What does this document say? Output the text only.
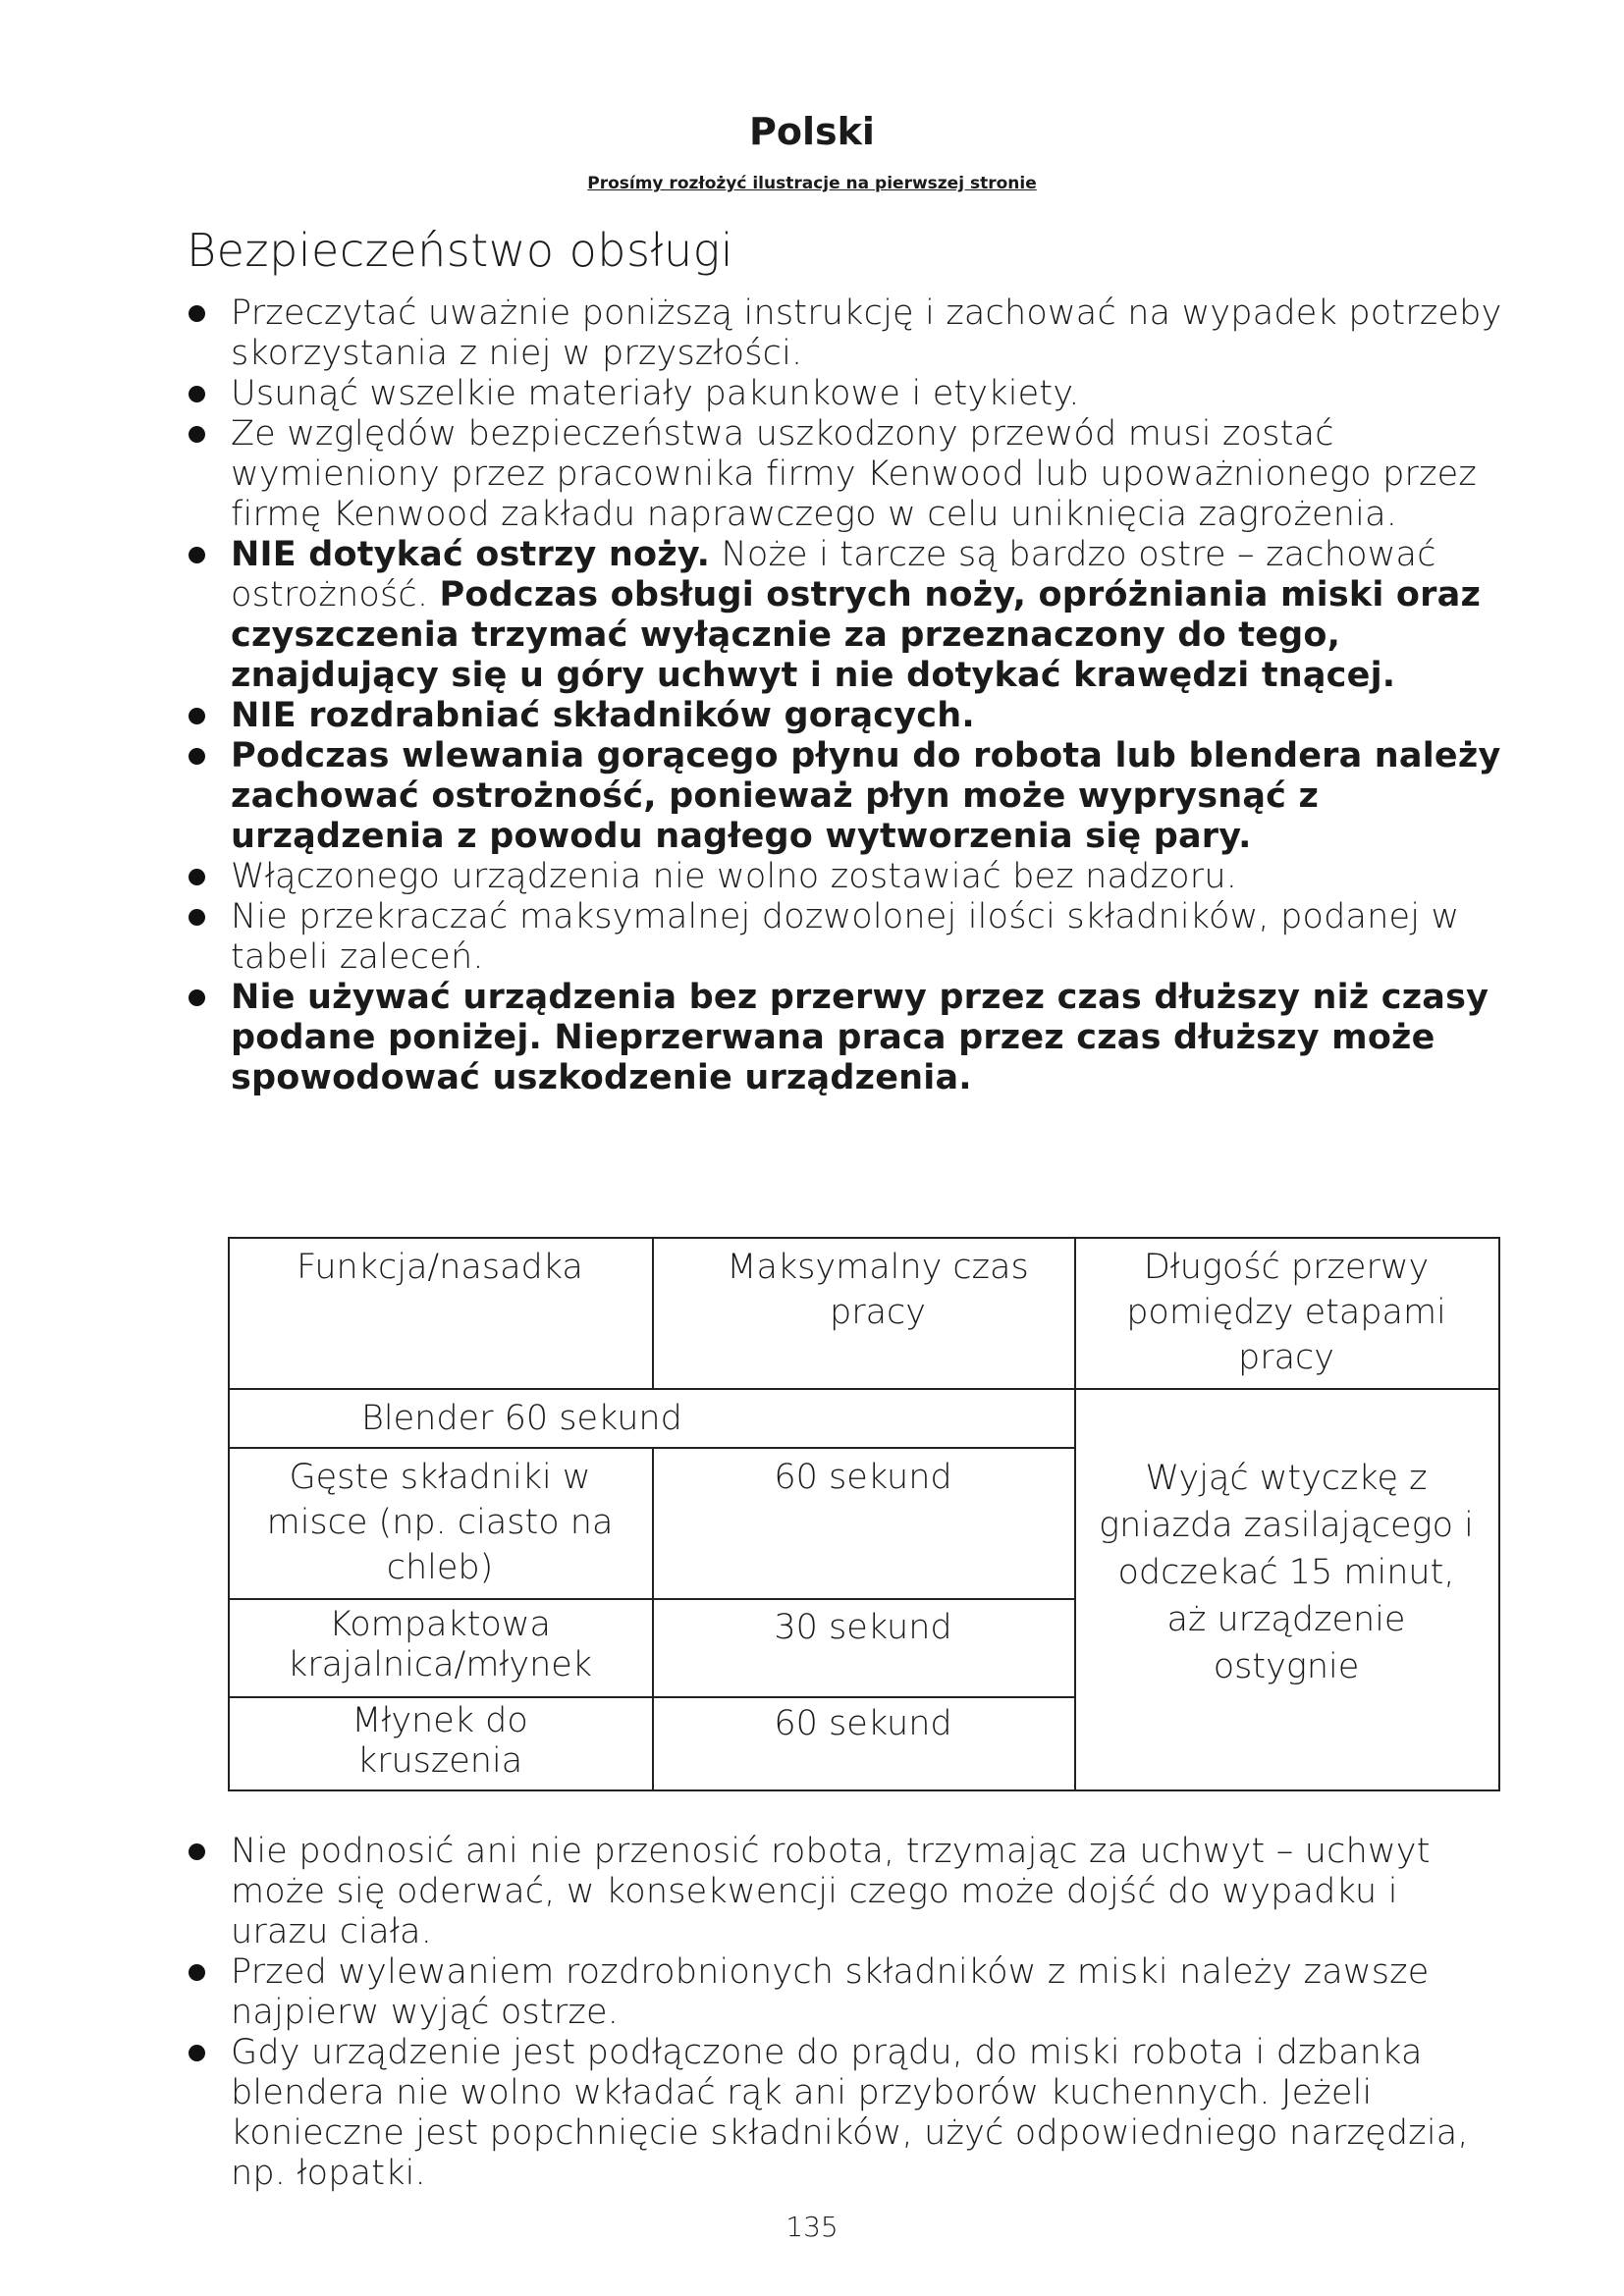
Polski
Prosímy rozłożyć ilustracje na pierwszej stronie
Bezpieczeństwo obsługi
Przeczytać uważnie poniższą instrukcję i zachować na wypadek potrzeby skorzystania z niej w przyszłości.
Usunąć wszelkie materiały pakunkowe i etykiety.
Ze względów bezpieczeństwa uszkodzony przewód musi zostać wymieniony przez pracownika firmy Kenwood lub upoważnionego przez firmę Kenwood zakładu naprawczego w celu uniknięcia zagrożenia.
NIE dotykać ostrzy noży. Noże i tarcze są bardzo ostre – zachować ostrożność. Podczas obsługi ostrych noży, opróżniania miski oraz czyszczenia trzymać wyłącznie za przeznaczony do tego, znajdujący się u góry uchwyt i nie dotykać krawędzi tnącej.
NIE rozdrabniać składników gorących.
Podczas wlewania gorącego płynu do robota lub blendera należy zachować ostrożność, ponieważ płyn może wyprysnąć z urządzenia z powodu nagłego wytworzenia się pary.
Włączonego urządzenia nie wolno zostawiać bez nadzoru.
Nie przekraczać maksymalnej dozwolonej ilości składników, podanej w tabeli zaleceń.
Nie używać urządzenia bez przerwy przez czas dłuższy niż czasy podane poniżej. Nieprzerwana praca przez czas dłuższy może spowodować uszkodzenie urządzenia.
Funkcja/nasadka	Maksymalny czas pracy
Długość przerwy pomiędzy etapami pracy
Blender 60 sekund
Gęste składniki w misce (np. ciasto na chleb)
60 sekund
Kompaktowa krajalnica/młynek
30 sekund
Młynek do kruszenia
60 sekund
Wyjąć wtyczkę z gniazda zasilającego i odczekać 15 minut, aż urządzenie ostygnie
Nie podnosić ani nie przenosić robota, trzymając za uchwyt – uchwyt może się oderwać, w konsekwencji czego może dojść do wypadku i urazu ciała.
Przed wylewaniem rozdrobnionych składników z miski należy zawsze najpierw wyjąć ostrze.
Gdy urządzenie jest podłączone do prądu, do miski robota i dzbanka blendera nie wolno wkładać rąk ani przyborów kuchennych. Jeżeli konieczne jest popchnięcie składników, użyć odpowiedniego narzędzia, np. łopatki.
135
